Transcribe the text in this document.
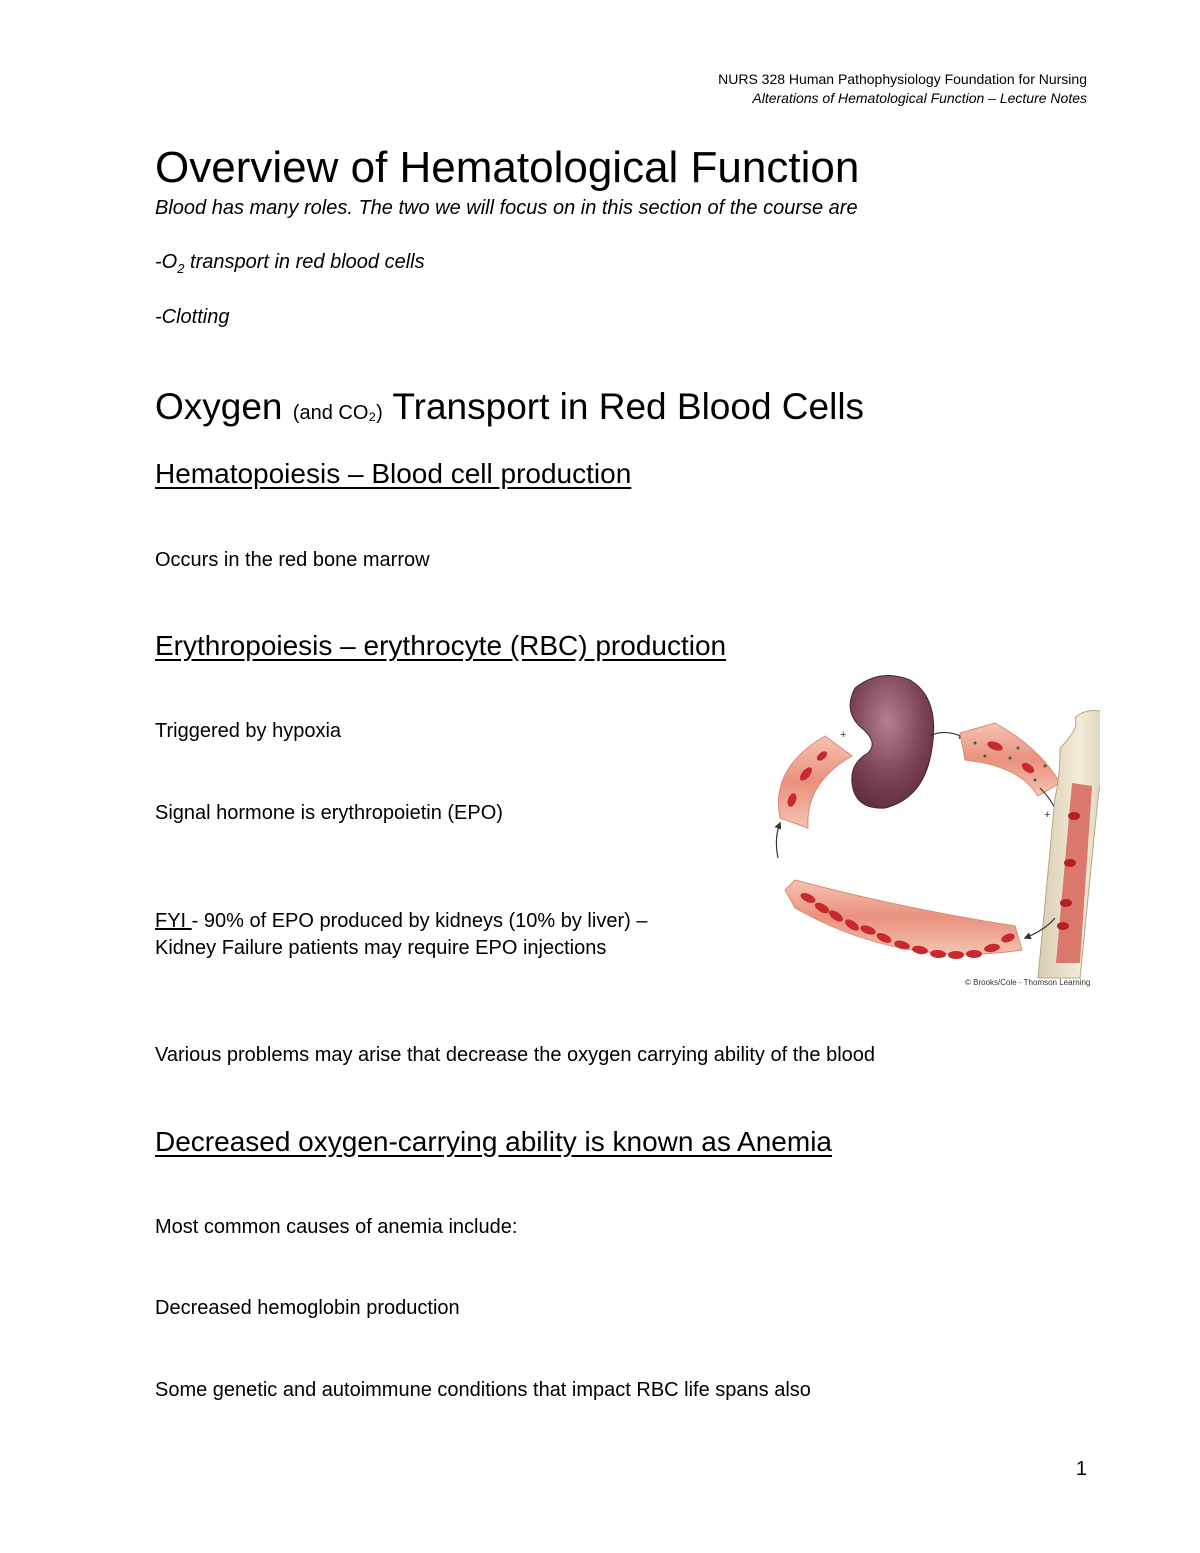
NURS 328 Human Pathophysiology Foundation for Nursing
Alterations of Hematological Function – Lecture Notes
Overview of Hematological Function
Blood has many roles. The two we will focus on in this section of the course are
$-O_2$ transport in red blood cells
-Clotting
Oxygen (and CO₂) Transport in Red Blood Cells
Hematopoiesis – Blood cell production
Occurs in the red bone marrow
Erythropoiesis – erythrocyte (RBC) production
Triggered by hypoxia
Signal hormone is erythropoietin (EPO)
FYI - 90% of EPO produced by kidneys (10% by liver) –
Kidney Failure patients may require EPO injections
+
+
© Brooks/Cole - Thomson Learning
Various problems may arise that decrease the oxygen carrying ability of the blood
Decreased oxygen-carrying ability is known as Anemia
Most common causes of anemia include:
Decreased hemoglobin production
Some genetic and autoimmune conditions that impact RBC life spans also
1
